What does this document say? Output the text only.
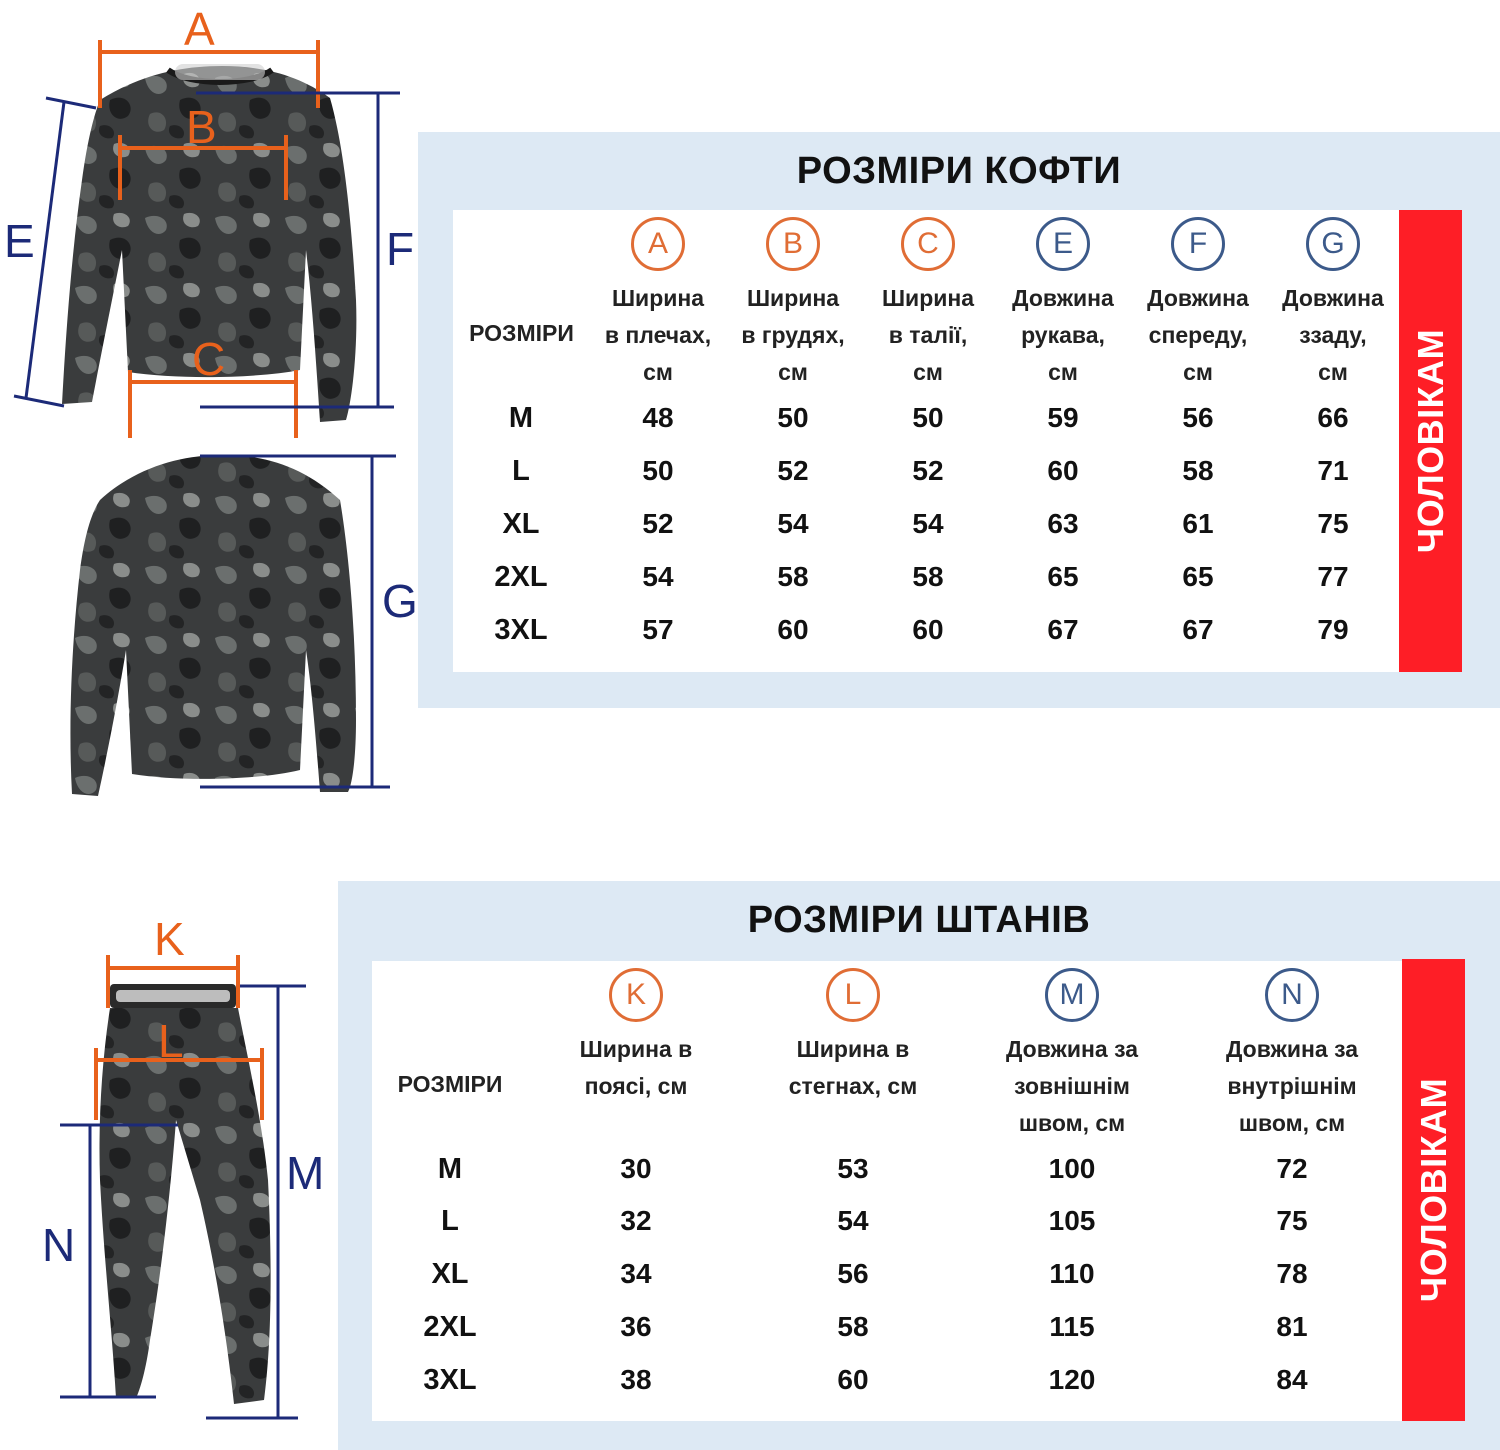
A
B
C
E	F
G
K
L
M
N
РОЗМІРИ КОФТИ
РОЗМІРИ
A
Ширина
в плечах,
см
B
Ширина
в грудях,
см
C
Ширина
в талії,
см
E
Довжина
рукава,
см
F
Довжина
спереду,
см
G
Довжина
ззаду,
см
M	48	50	50	59	56	66
L	50	52	52	60	58	71
XL	52	54	54	63	61	75
2XL	54	58	58	65	65	77
3XL	57	60	60	67	67	79
ЧОЛОВІКАМ
РОЗМІРИ ШТАНІВ
РОЗМІРИ
K
Ширина в
поясі, см
L
Ширина в
стегнах, см
M
Довжина за
зовнішнім
швом, см
N
Довжина за
внутрішнім
швом, см
M	30	53	100	72
L	32	54	105	75
XL	34	56	110	78
2XL	36	58	115	81
3XL	38	60	120	84
ЧОЛОВІКАМ
